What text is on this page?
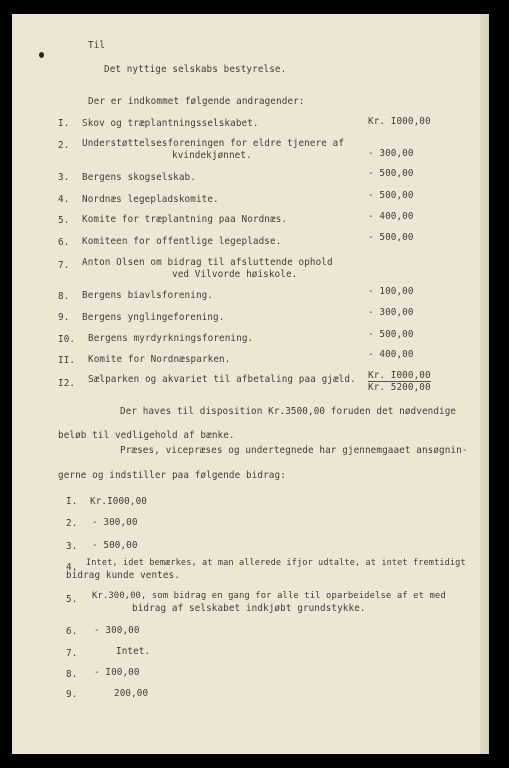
Til
Det nyttige selskabs bestyrelse.
Der er indkommet følgende andragender:
I. Skov og træplantningsselskabet.	Kr. I000,00
2. Understøttelsesforeningen for eldre tjenere af
kvindekjønnet.	- 300,00
3. Bergens skogselskab.	- 500,00
4. Nordnæs legepladskomite.	- 500,00
5. Komite for træplantning paa Nordnæs.	- 400,00
6. Komiteen for offentlige legepladse.	- 500,00
7. Anton Olsen om bidrag til afsluttende ophold
ved Vilvorde høiskole.
8. Bergens biavlsforening.	- 100,00
9. Bergens ynglingeforening.	- 300,00
I0. Bergens myrdyrkningsforening.	- 500,00
II. Komite for Nordnæsparken.	- 400,00
I2. Sælparken og akvariet til afbetaling paa gjæld. Kr. I000,00
Kr. 5200,00
Der haves til disposition Kr.3500,00 foruden det nødvendige
beløb til vedligehold af bænke.
Præses, vicepræses og undertegnede har gjennemgaaet ansøgnin-
gerne og indstiller paa følgende bidrag:
I. Kr.I000,00
2. - 300,00
3. - 500,00
4. Intet, idet bemærkes, at man allerede ifjor udtalte, at intet fremtidigt
bidrag kunde ventes.
5. Kr.300,00, som bidrag en gang for alle til oparbeidelse af et med
bidrag af selskabet indkjøbt grundstykke.
6. - 300,00
7.	Intet.
8. - I00,00
9.	200,00
